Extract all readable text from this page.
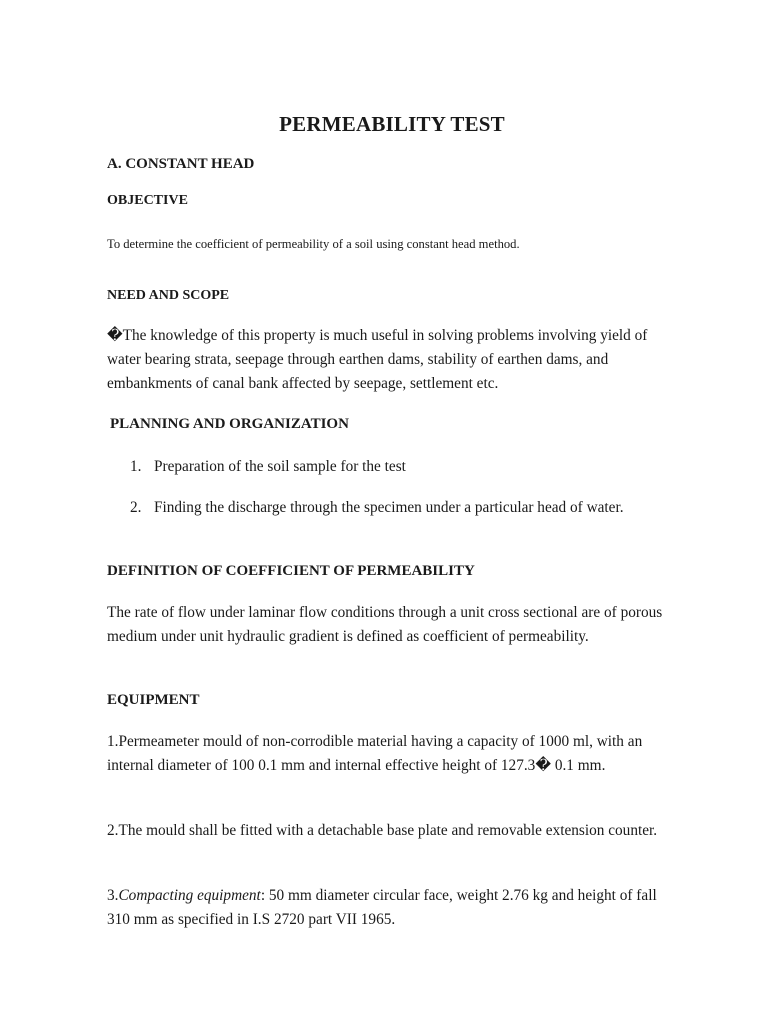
PERMEABILITY TEST
A. CONSTANT HEAD
OBJECTIVE
To determine the coefficient of permeability of a soil using constant head method.
NEED AND SCOPE
�The knowledge of this property is much useful in solving problems involving yield of water bearing strata, seepage through earthen dams, stability of earthen dams, and embankments of canal bank affected by seepage, settlement etc.
PLANNING AND ORGANIZATION
1. Preparation of the soil sample for the test
2. Finding the discharge through the specimen under a particular head of water.
DEFINITION OF COEFFICIENT OF PERMEABILITY
The rate of flow under laminar flow conditions through a unit cross sectional are of porous medium under unit hydraulic gradient is defined as coefficient of permeability.
EQUIPMENT
1.Permeameter mould of non-corrodible material having a capacity of 1000 ml, with an internal diameter of 100 0.1 mm and internal effective height of 127.3� 0.1 mm.
2.The mould shall be fitted with a detachable base plate and removable extension counter.
3.Compacting equipment: 50 mm diameter circular face, weight 2.76 kg and height of fall 310 mm as specified in I.S 2720 part VII 1965.
